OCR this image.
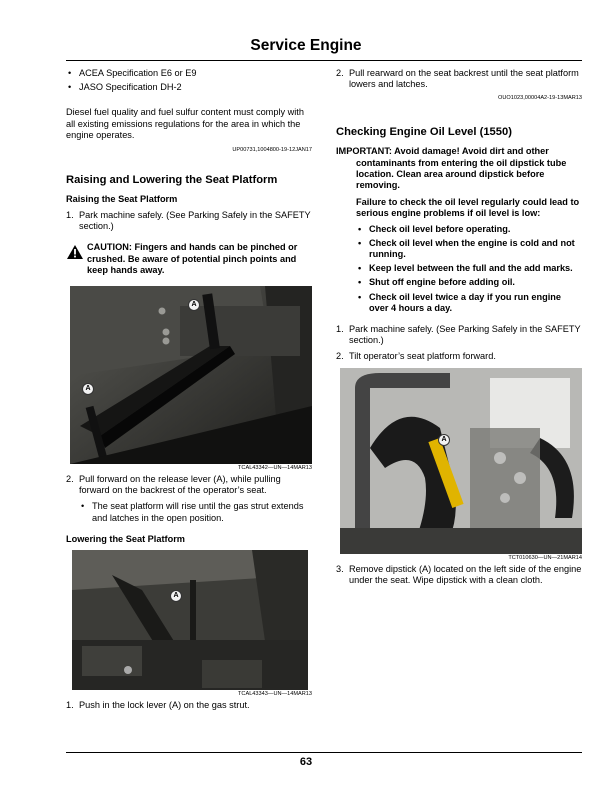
Service Engine
• ACEA Specification E6 or E9
• JASO Specification DH-2

Diesel fuel quality and fuel sulfur content must comply with all existing emissions regulations for the area in which the engine operates.

UP00731,1004800-19-12JAN17
Raising and Lowering the Seat Platform
Raising the Seat Platform
1. Park machine safely. (See Parking Safely in the SAFETY section.)
CAUTION: Fingers and hands can be pinched or crushed. Be aware of potential pinch points and keep hands away.
A
A
TCAL43342—UN—14MAR13
2. Pull forward on the release lever (A), while pulling forward on the backrest of the operator’s seat.
• The seat platform will rise until the gas strut extends and latches in the open position.
Lowering the Seat Platform
A
TCAL43343—UN—14MAR13
1. Push in the lock lever (A) on the gas strut.
2. Pull rearward on the seat backrest until the seat platform lowers and latches.
OUO1023,00004A2-19-13MAR13
Checking Engine Oil Level (1550)
IMPORTANT: Avoid damage! Avoid dirt and other contaminants from entering the oil dipstick tube location. Clean area around dipstick before removing.
Failure to check the oil level regularly could lead to serious engine problems if oil level is low:
• Check oil level before operating.
• Check oil level when the engine is cold and not running.
• Keep level between the full and the add marks.
• Shut off engine before adding oil.
• Check oil level twice a day if you run engine over 4 hours a day.
1. Park machine safely. (See Parking Safely in the SAFETY section.)
2. Tilt operator’s seat platform forward.
A
TCT010630—UN—21MAR14
3. Remove dipstick (A) located on the left side of the engine under the seat. Wipe dipstick with a clean cloth.
63
